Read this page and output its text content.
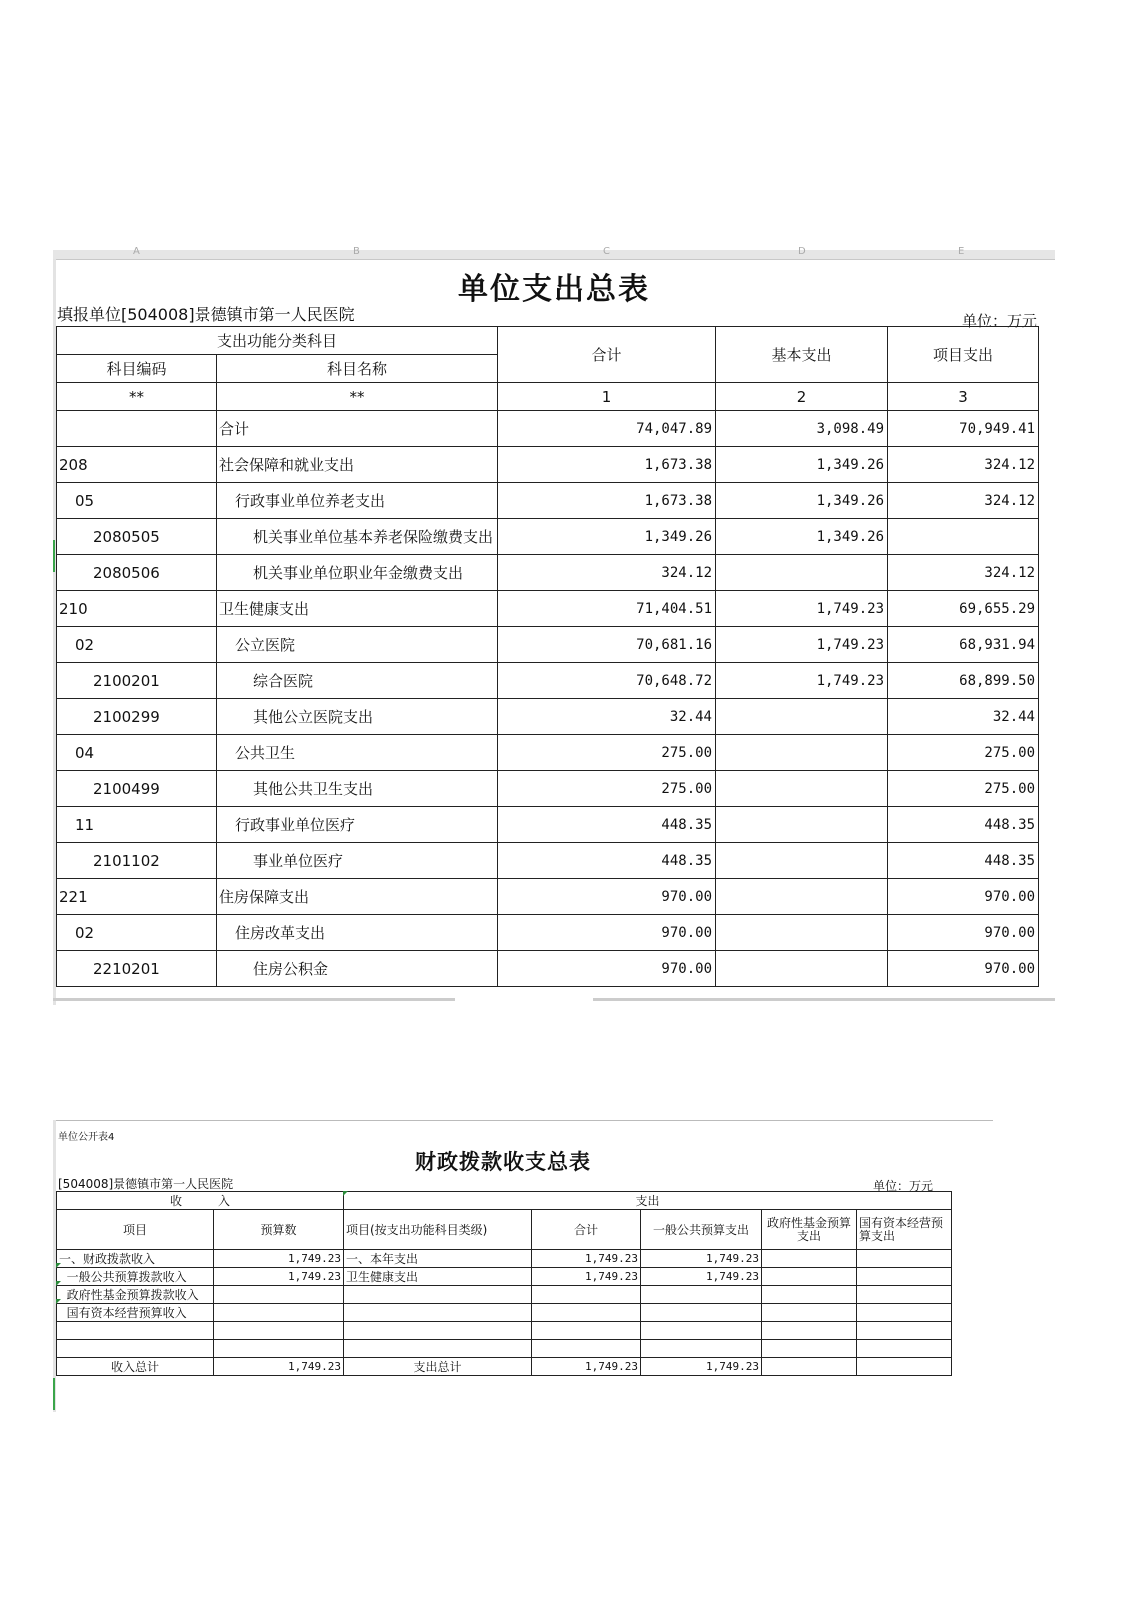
A	B	C	D	E
单位支出总表
填报单位[504008]景德镇市第一人民医院	单位：万元
支出功能分类科目		合计	基本支出	项目支出
科目编码	科目名称			
**	**	1	2	3
	合计	74,047.89	3,098.49	70,949.41
208	社会保障和就业支出	1,673.38	1,349.26	324.12
05	行政事业单位养老支出	1,673.38	1,349.26	324.12
2080505	机关事业单位基本养老保险缴费支出	1,349.26	1,349.26	
2080506	机关事业单位职业年金缴费支出	324.12		324.12
210	卫生健康支出	71,404.51	1,749.23	69,655.29
02	公立医院	70,681.16	1,749.23	68,931.94
2100201	综合医院	70,648.72	1,749.23	68,899.50
2100299	其他公立医院支出	32.44		32.44
04	公共卫生	275.00		275.00
2100499	其他公共卫生支出	275.00		275.00
11	行政事业单位医疗	448.35		448.35
2101102	事业单位医疗	448.35		448.35
221	住房保障支出	970.00		970.00
02	住房改革支出	970.00		970.00
2210201	住房公积金	970.00		970.00
单位公开表4
财政拨款收支总表
[504008]景德镇市第一人民医院	单位：万元
收　　　入		支出				
项目	预算数	项目(按支出功能科目类级)	合计	一般公共预算支出	政府性基金预算支出	国有资本经营预算支出
一、财政拨款收入	1,749.23	一、本年支出	1,749.23	1,749.23		
一般公共预算拨款收入	1,749.23	卫生健康支出	1,749.23	1,749.23		
政府性基金预算拨款收入						
国有资本经营预算收入						

收入总计	1,749.23	支出总计	1,749.23	1,749.23		
